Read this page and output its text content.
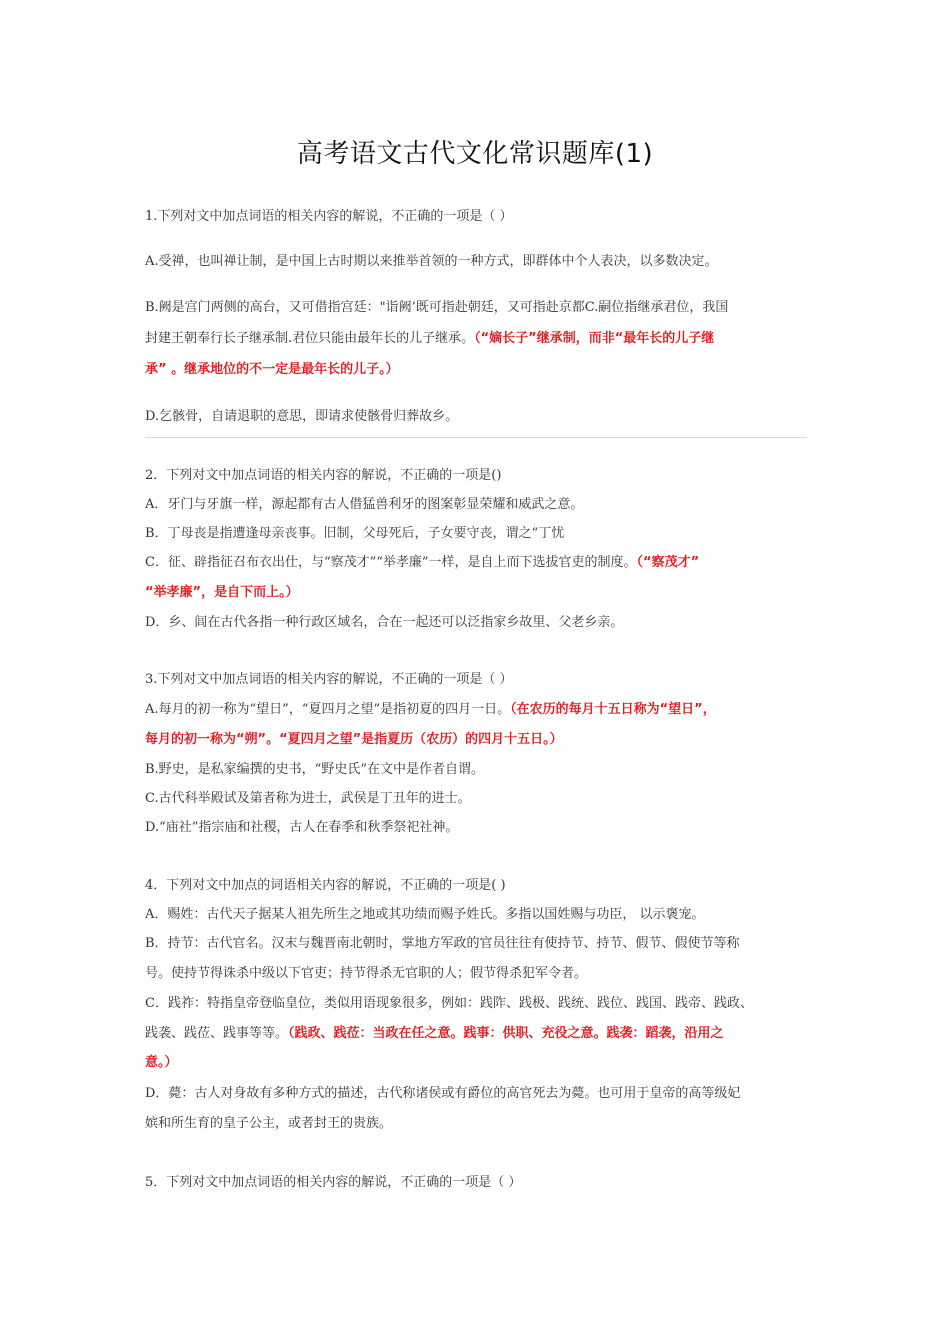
高考语文古代文化常识题库(1)
1.下列对文中加点词语的相关内容的解说，不正确的一项是（ ）
A.受禅，也叫禅让制，是中国上古时期以来推举首领的一种方式，即群体中个人表决，以多数决定。
B.阙是宫门两侧的高台，又可借指宫廷："诣阙’既可指赴朝廷，又可指赴京都C.嗣位指继承君位，我国
封建王朝奉行长子继承制.君位只能由最年长的儿子继承。（“嫡长子”继承制，而非“最年长的儿子继
承” 。继承地位的不一定是最年长的儿子。）
D.乞骸骨，自请退职的意思，即请求使骸骨归葬故乡。
2．下列对文中加点词语的相关内容的解说，不正确的一项是()
A．牙门与牙旗一样，源起都有古人借猛兽利牙的图案彰显荣耀和威武之意。
B．丁母丧是指遭逢母亲丧事。旧制，父母死后，子女要守丧，谓之“丁忧
C．征、辟指征召布衣出仕，与“察茂才”“举孝廉”一样，是自上而下选拔官吏的制度。（“察茂才”
“举孝廉”，是自下而上。）
D．乡、闾在古代各指一种行政区域名，合在一起还可以泛指家乡故里、父老乡亲。
3.下列对文中加点词语的相关内容的解说，不正确的一项是（ ）
A.每月的初一称为“望日”，“夏四月之望”是指初夏的四月一日。（在农历的每月十五日称为“望日”，
每月的初一称为“朔”。“夏四月之望”是指夏历（农历）的四月十五日。）
B.野史，是私家编撰的史书，“野史氏”在文中是作者自谓。
C.古代科举殿试及第者称为进士，武侯是丁丑年的进士。
D.“庙社”指宗庙和社稷，古人在春季和秋季祭祀社神。
4．下列对文中加点的词语相关内容的解说，不正确的一项是( )
A．赐姓：古代天子据某人祖先所生之地或其功绩而赐予姓氏。多指以国姓赐与功臣， 以示褒宠。
B．持节：古代官名。汉末与魏晋南北朝时，掌地方军政的官员往往有使持节、持节、假节、假使节等称
号。使持节得诛杀中级以下官吏；持节得杀无官职的人；假节得杀犯军令者。
C．践祚：特指皇帝登临皇位，类似用语现象很多，例如：践阼、践极、践统、践位、践国、践帝、践政、
践袭、践莅、践事等等。（践政、践莅：当政在任之意。践事：供职、充役之意。践袭：蹈袭，沿用之
意。）
D．薨：古人对身故有多种方式的描述，古代称诸侯或有爵位的高官死去为薨。也可用于皇帝的高等级妃
嫔和所生育的皇子公主，或者封王的贵族。
5．下列对文中加点词语的相关内容的解说，不正确的一项是（ ）
